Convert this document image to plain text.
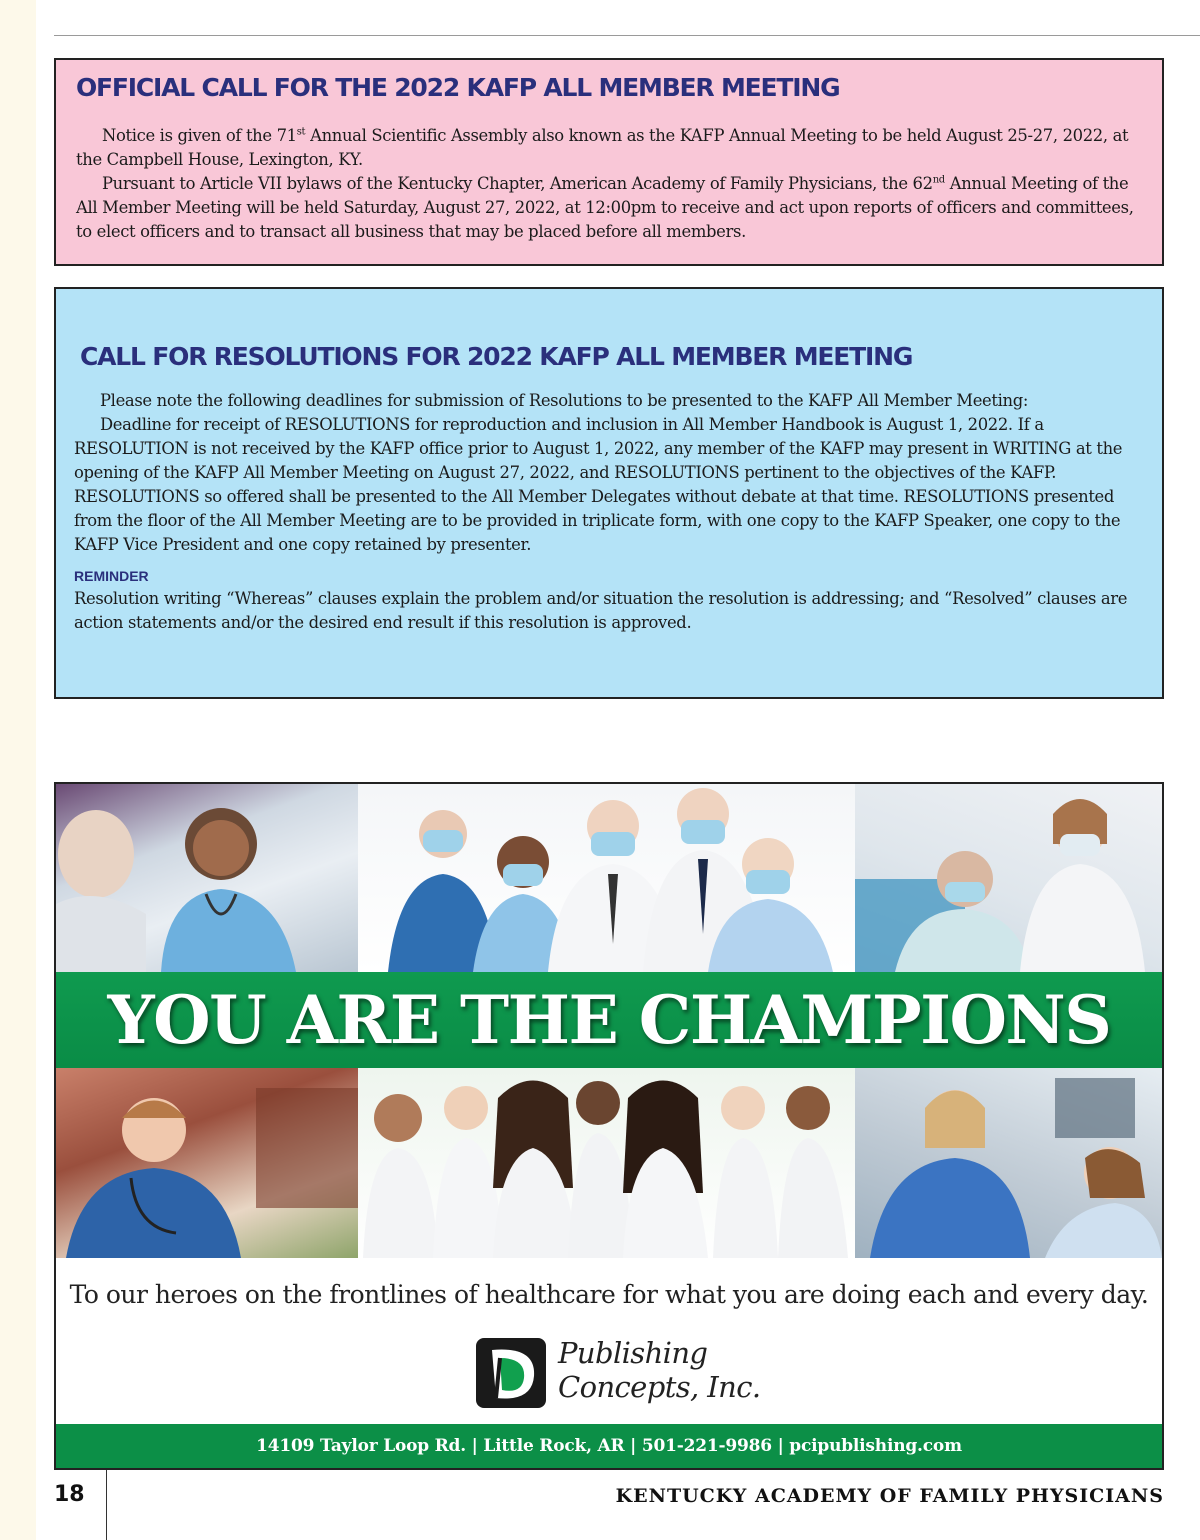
OFFICIAL CALL FOR THE 2022 KAFP ALL MEMBER MEETING

Notice is given of the 71st Annual Scientific Assembly also known as the KAFP Annual Meeting to be held August 25-27, 2022, at the Campbell House, Lexington, KY.

Pursuant to Article VII bylaws of the Kentucky Chapter, American Academy of Family Physicians, the 62nd Annual Meeting of the All Member Meeting will be held Saturday, August 27, 2022, at 12:00pm to receive and act upon reports of officers and committees, to elect officers and to transact all business that may be placed before all members.

CALL FOR RESOLUTIONS FOR 2022 KAFP ALL MEMBER MEETING

Please note the following deadlines for submission of Resolutions to be presented to the KAFP All Member Meeting:

Deadline for receipt of RESOLUTIONS for reproduction and inclusion in All Member Handbook is August 1, 2022. If a RESOLUTION is not received by the KAFP office prior to August 1, 2022, any member of the KAFP may present in WRITING at the opening of the KAFP All Member Meeting on August 27, 2022, and RESOLUTIONS pertinent to the objectives of the KAFP. RESOLUTIONS so offered shall be presented to the All Member Delegates without debate at that time. RESOLUTIONS presented from the floor of the All Member Meeting are to be provided in triplicate form, with one copy to the KAFP Speaker, one copy to the KAFP Vice President and one copy retained by presenter.

REMINDER

Resolution writing “Whereas” clauses explain the problem and/or situation the resolution is addressing; and “Resolved” clauses are action statements and/or the desired end result if this resolution is approved.

YOU ARE THE CHAMPIONS
To our heroes on the frontlines of healthcare for what you are doing each and every day.
Publishing
Concepts, Inc.
14109 Taylor Loop Rd. | Little Rock, AR | 501-221-9986 | pcipublishing.com
18	KENTUCKY ACADEMY OF FAMILY PHYSICIANS
